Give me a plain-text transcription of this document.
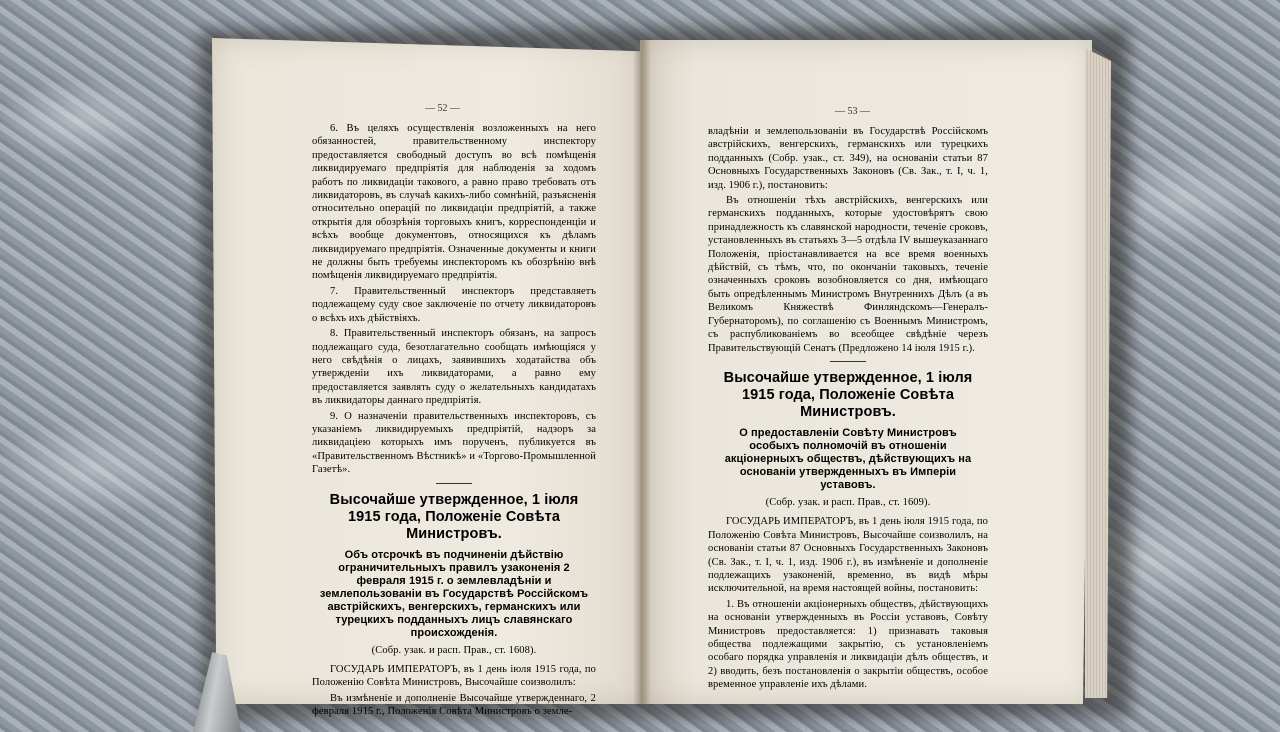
— 52 —

6. Въ целяхъ осуществленія возложенныхъ на него обязанностей, правительственному инспектору предоставляется свободный доступъ во всѣ помѣщенія ликвидируемаго предпріятія для наблюденія за ходомъ работъ по ликвидаціи такового, а равно право требовать отъ ликвидаторовъ, въ случаѣ какихъ-либо сомнѣній, разъясненія относительно операцій по ликвидаціи предпріятій, а также открытія для обозрѣнія торговыхъ книгъ, корреспонденціи и всѣхъ вообще документовъ, относящихся къ дѣламъ ликвидируемаго предпріятія. Означенные документы и книги не должны быть требуемы инспекторомъ къ обозрѣнію внѣ помѣщенія ликвидируемаго предпріятія.

7. Правительственный инспекторъ представляетъ подлежащему суду свое заключеніе по отчету ликвидаторовъ о всѣхъ ихъ дѣйствіяхъ.

8. Правительственный инспекторъ обязанъ, на запросъ подлежащаго суда, безотлагательно сообщать имѣющіяся у него свѣдѣнія о лицахъ, заявившихъ ходатайства объ утвержденіи ихъ ликвидаторами, а равно ему предоставляется заявлять суду о желательныхъ кандидатахъ въ ликвидаторы даннаго предпріятія.

9. О назначеніи правительственныхъ инспекторовъ, съ указаніемъ ликвидируемыхъ предпріятій, надзоръ за ликвидаціею которыхъ имъ порученъ, публикуется въ «Правительственномъ Вѣстникѣ» и «Торгово-Промышленной Газетѣ».

Высочайше утвержденное, 1 іюля 1915 года, Положеніе Совѣта Министровъ.
Объ отсрочкѣ въ подчиненіи дѣйствію ограничительныхъ правилъ узаконенія 2 февраля 1915 г. о землевладѣніи и землепользованіи въ Государствѣ Россійскомъ австрійскихъ, венгерскихъ, германскихъ или турецкихъ подданныхъ лицъ славянскаго происхожденія.
(Собр. узак. и расп. Прав., ст. 1608).

ГОСУДАРЬ ИМПЕРАТОРЪ, въ 1 день іюля 1915 года, по Положенію Совѣта Министровъ, Высочайше соизволилъ:

Въ измѣненіе и дополненіе Высочайше утвержденнаго, 2 февраля 1915 г., Положенія Совѣта Министровъ о земле-

— 53 —

владѣніи и землепользованіи въ Государствѣ Россійскомъ австрійскихъ, венгерскихъ, германскихъ или турецкихъ подданныхъ (Собр. узак., ст. 349), на основаніи статьи 87 Основныхъ Государственныхъ Законовъ (Св. Зак., т. I, ч. 1, изд. 1906 г.), постановить:

Въ отношеніи тѣхъ австрійскихъ, венгерскихъ или германскихъ подданныхъ, которые удостовѣрятъ свою принадлежность къ славянской народности, теченіе сроковъ, установленныхъ въ статьяхъ 3—5 отдѣла IV вышеуказаннаго Положенія, пріостанавливается на все время военныхъ дѣйствій, съ тѣмъ, что, по окончаніи таковыхъ, теченіе означенныхъ сроковъ возобновляется со дня, имѣющаго быть опредѣленнымъ Министромъ Внутреннихъ Дѣлъ (а въ Великомъ Княжествѣ Финляндскомъ—Генералъ-Губернаторомъ), по соглашенію съ Военнымъ Министромъ, съ распубликованіемъ во всеобщее свѣдѣніе черезъ Правительствующій Сенатъ (Предложено 14 іюля 1915 г.).

Высочайше утвержденное, 1 іюля 1915 года, Положеніе Совѣта Министровъ.
О предоставленіи Совѣту Министровъ особыхъ полномочій въ отношеніи акціонерныхъ обществъ, дѣйствующихъ на основаніи утвержденныхъ въ Имперіи уставовъ.
(Собр. узак. и расп. Прав., ст. 1609).

ГОСУДАРЬ ИМПЕРАТОРЪ, въ 1 день іюля 1915 года, по Положенію Совѣта Министровъ, Высочайше соизволилъ, на основаніи статьи 87 Основныхъ Государственныхъ Законовъ (Св. Зак., т. I, ч. 1, изд. 1906 г.), въ измѣненіе и дополненіе подлежащихъ узаконеній, временно, въ видѣ мѣры исключительной, на время настоящей войны, постановить:

1. Въ отношеніи акціонерныхъ обществъ, дѣйствующихъ на основаніи утвержденныхъ въ Россіи уставовъ, Совѣту Министровъ предоставляется: 1) признавать таковыя общества подлежащими закрытію, съ установленіемъ особаго порядка управленія и ликвидаціи дѣлъ обществъ, и 2) вводить, безъ постановленія о закрытіи обществъ, особое временное управленіе ихъ дѣлами.
